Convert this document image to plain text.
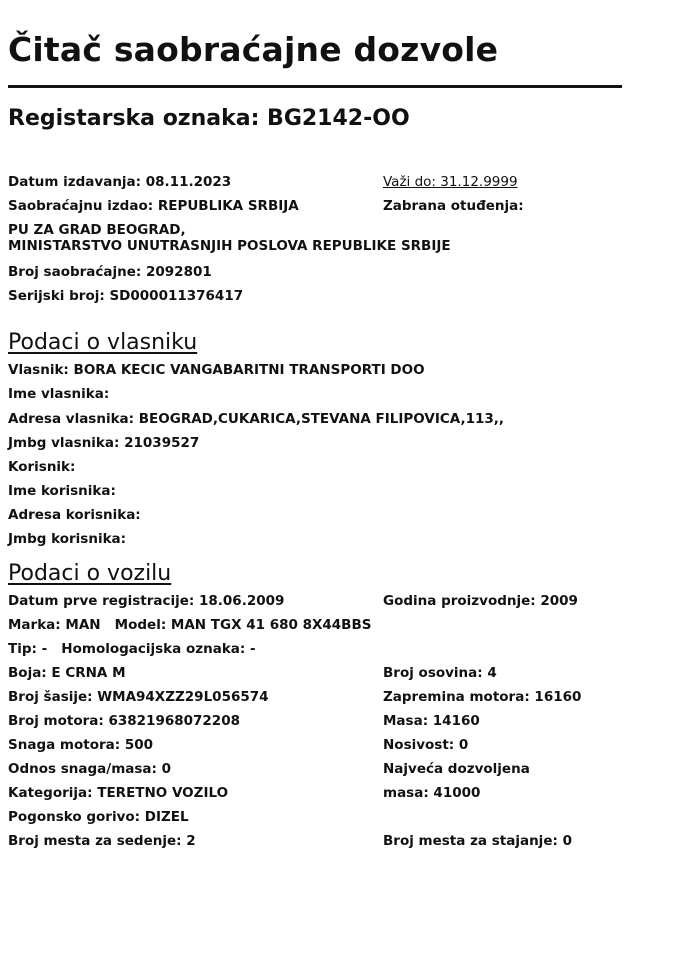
Čitač saobraćajne dozvole
Registarska oznaka: BG2142-OO
Datum izdavanja: 08.11.2023	Važi do: 31.12.9999
Saobraćajnu izdao: REPUBLIKA SRBIJA	Zabrana otuđenja:
PU ZA GRAD BEOGRAD,
MINISTARSTVO UNUTRASNJIH POSLOVA REPUBLIKE SRBIJE
Broj saobraćajne: 2092801
Serijski broj: SD000011376417
Podaci o vlasniku
Vlasnik: BORA KECIC VANGABARITNI TRANSPORTI DOO
Ime vlasnika:
Adresa vlasnika: BEOGRAD,CUKARICA,STEVANA FILIPOVICA,113,,
Jmbg vlasnika: 21039527
Korisnik:
Ime korisnika:
Adresa korisnika:
Jmbg korisnika:
Podaci o vozilu
Datum prve registracije: 18.06.2009	Godina proizvodnje: 2009
Marka: MAN   Model: MAN TGX 41 680 8X44BBS
Tip: -   Homologacijska oznaka: -
Boja: E CRNA M	Broj osovina: 4
Broj šasije: WMA94XZZ29L056574	Zapremina motora: 16160
Broj motora: 63821968072208	Masa: 14160
Snaga motora: 500	Nosivost: 0
Odnos snaga/masa: 0	Najveća dozvoljena
Kategorija: TERETNO VOZILO	masa: 41000
Pogonsko gorivo: DIZEL
Broj mesta za sedenje: 2	Broj mesta za stajanje: 0
